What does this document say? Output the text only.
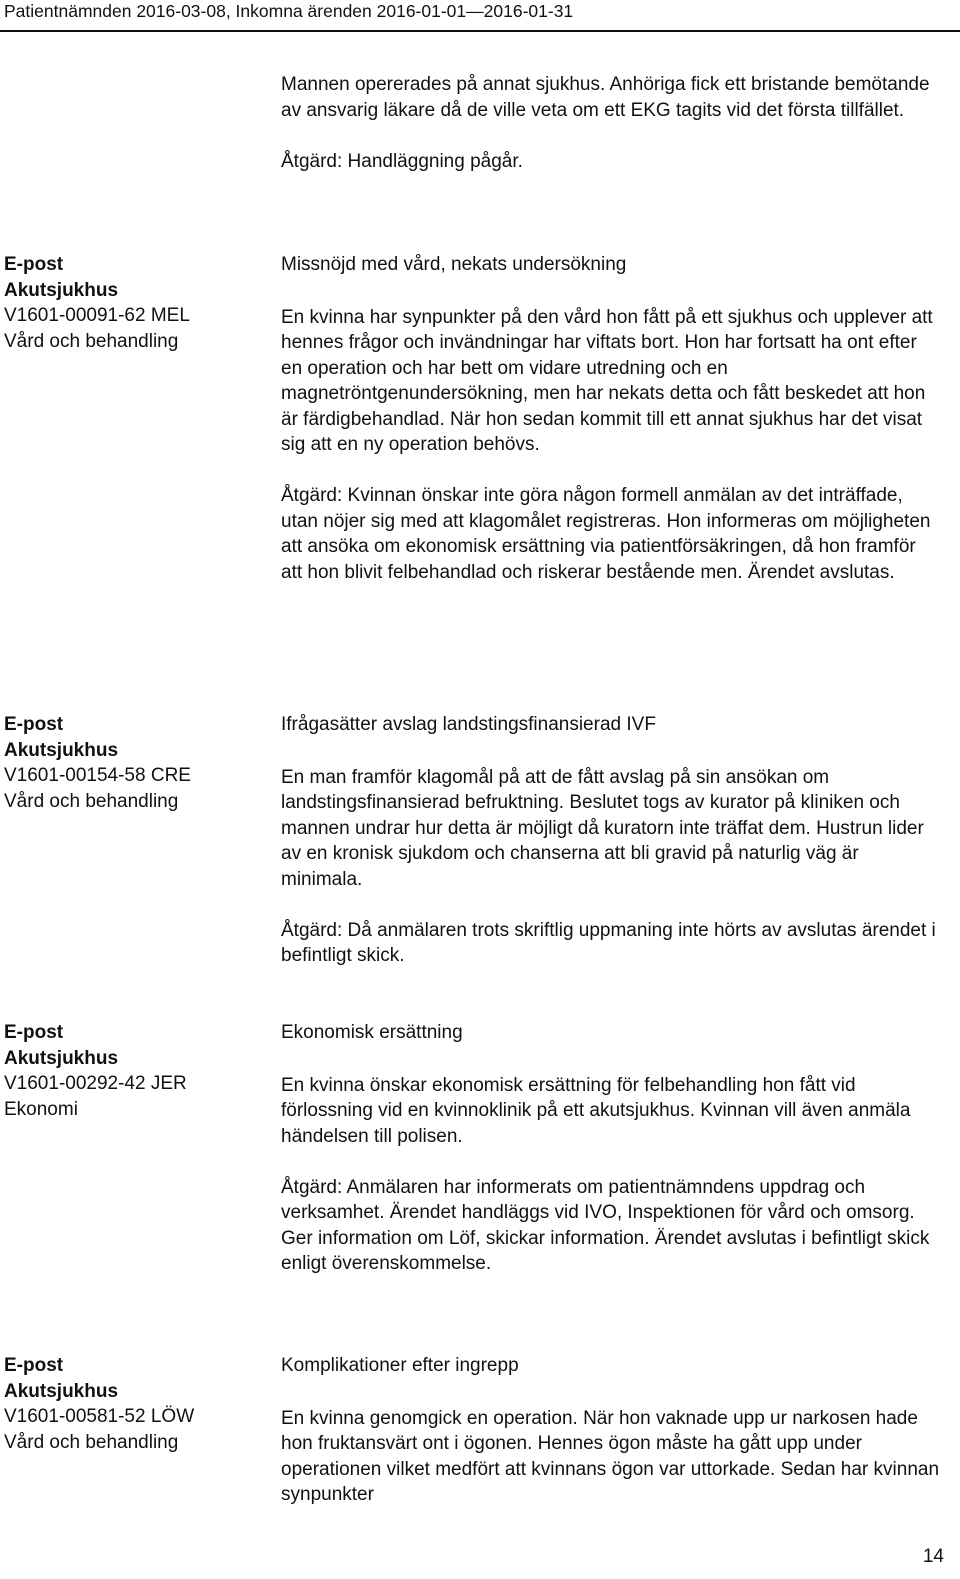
Patientnämnden 2016-03-08, Inkomna ärenden 2016-01-01—2016-01-31

Mannen opererades på annat sjukhus. Anhöriga fick ett bristande bemötande av ansvarig läkare då de ville veta om ett EKG tagits vid det första tillfället.

Åtgärd: Handläggning pågår.

E-post
Akutsjukhus
V1601-00091-62 MEL
Vård och behandling

Missnöjd med vård, nekats undersökning

En kvinna har synpunkter på den vård hon fått på ett sjukhus och upplever att hennes frågor och invändningar har viftats bort. Hon har fortsatt ha ont efter en operation och har bett om vidare utredning och en magnetröntgenundersökning, men har nekats detta och fått beskedet att hon är färdigbehandlad. När hon sedan kommit till ett annat sjukhus har det visat sig att en ny operation behövs.

Åtgärd: Kvinnan önskar inte göra någon formell anmälan av det inträffade, utan nöjer sig med att klagomålet registreras. Hon informeras om möjligheten att ansöka om ekonomisk ersättning via patientförsäkringen, då hon framför att hon blivit felbehandlad och riskerar bestående men. Ärendet avslutas.

E-post
Akutsjukhus
V1601-00154-58 CRE
Vård och behandling

Ifrågasätter avslag landstingsfinansierad IVF

En man framför klagomål på att de fått avslag på sin ansökan om landstingsfinansierad befruktning. Beslutet togs av kurator på kliniken och mannen undrar hur detta är möjligt då kuratorn inte träffat dem. Hustrun lider av en kronisk sjukdom och chanserna att bli gravid på naturlig väg är minimala.

Åtgärd: Då anmälaren trots skriftlig uppmaning inte hörts av avslutas ärendet i befintligt skick.

E-post
Akutsjukhus
V1601-00292-42 JER
Ekonomi

Ekonomisk ersättning

En kvinna önskar ekonomisk ersättning för felbehandling hon fått vid förlossning vid en kvinnoklinik på ett akutsjukhus. Kvinnan vill även anmäla händelsen till polisen.

Åtgärd: Anmälaren har informerats om patientnämndens uppdrag och verksamhet. Ärendet handläggs vid IVO, Inspektionen för vård och omsorg. Ger information om Löf, skickar information. Ärendet avslutas i befintligt skick enligt överenskommelse.

E-post
Akutsjukhus
V1601-00581-52 LÖW
Vård och behandling

Komplikationer efter ingrepp

En kvinna genomgick en operation. När hon vaknade upp ur narkosen hade hon fruktansvärt ont i ögonen. Hennes ögon måste ha gått upp under operationen vilket medfört att kvinnans ögon var uttorkade. Sedan har kvinnan synpunkter

14
